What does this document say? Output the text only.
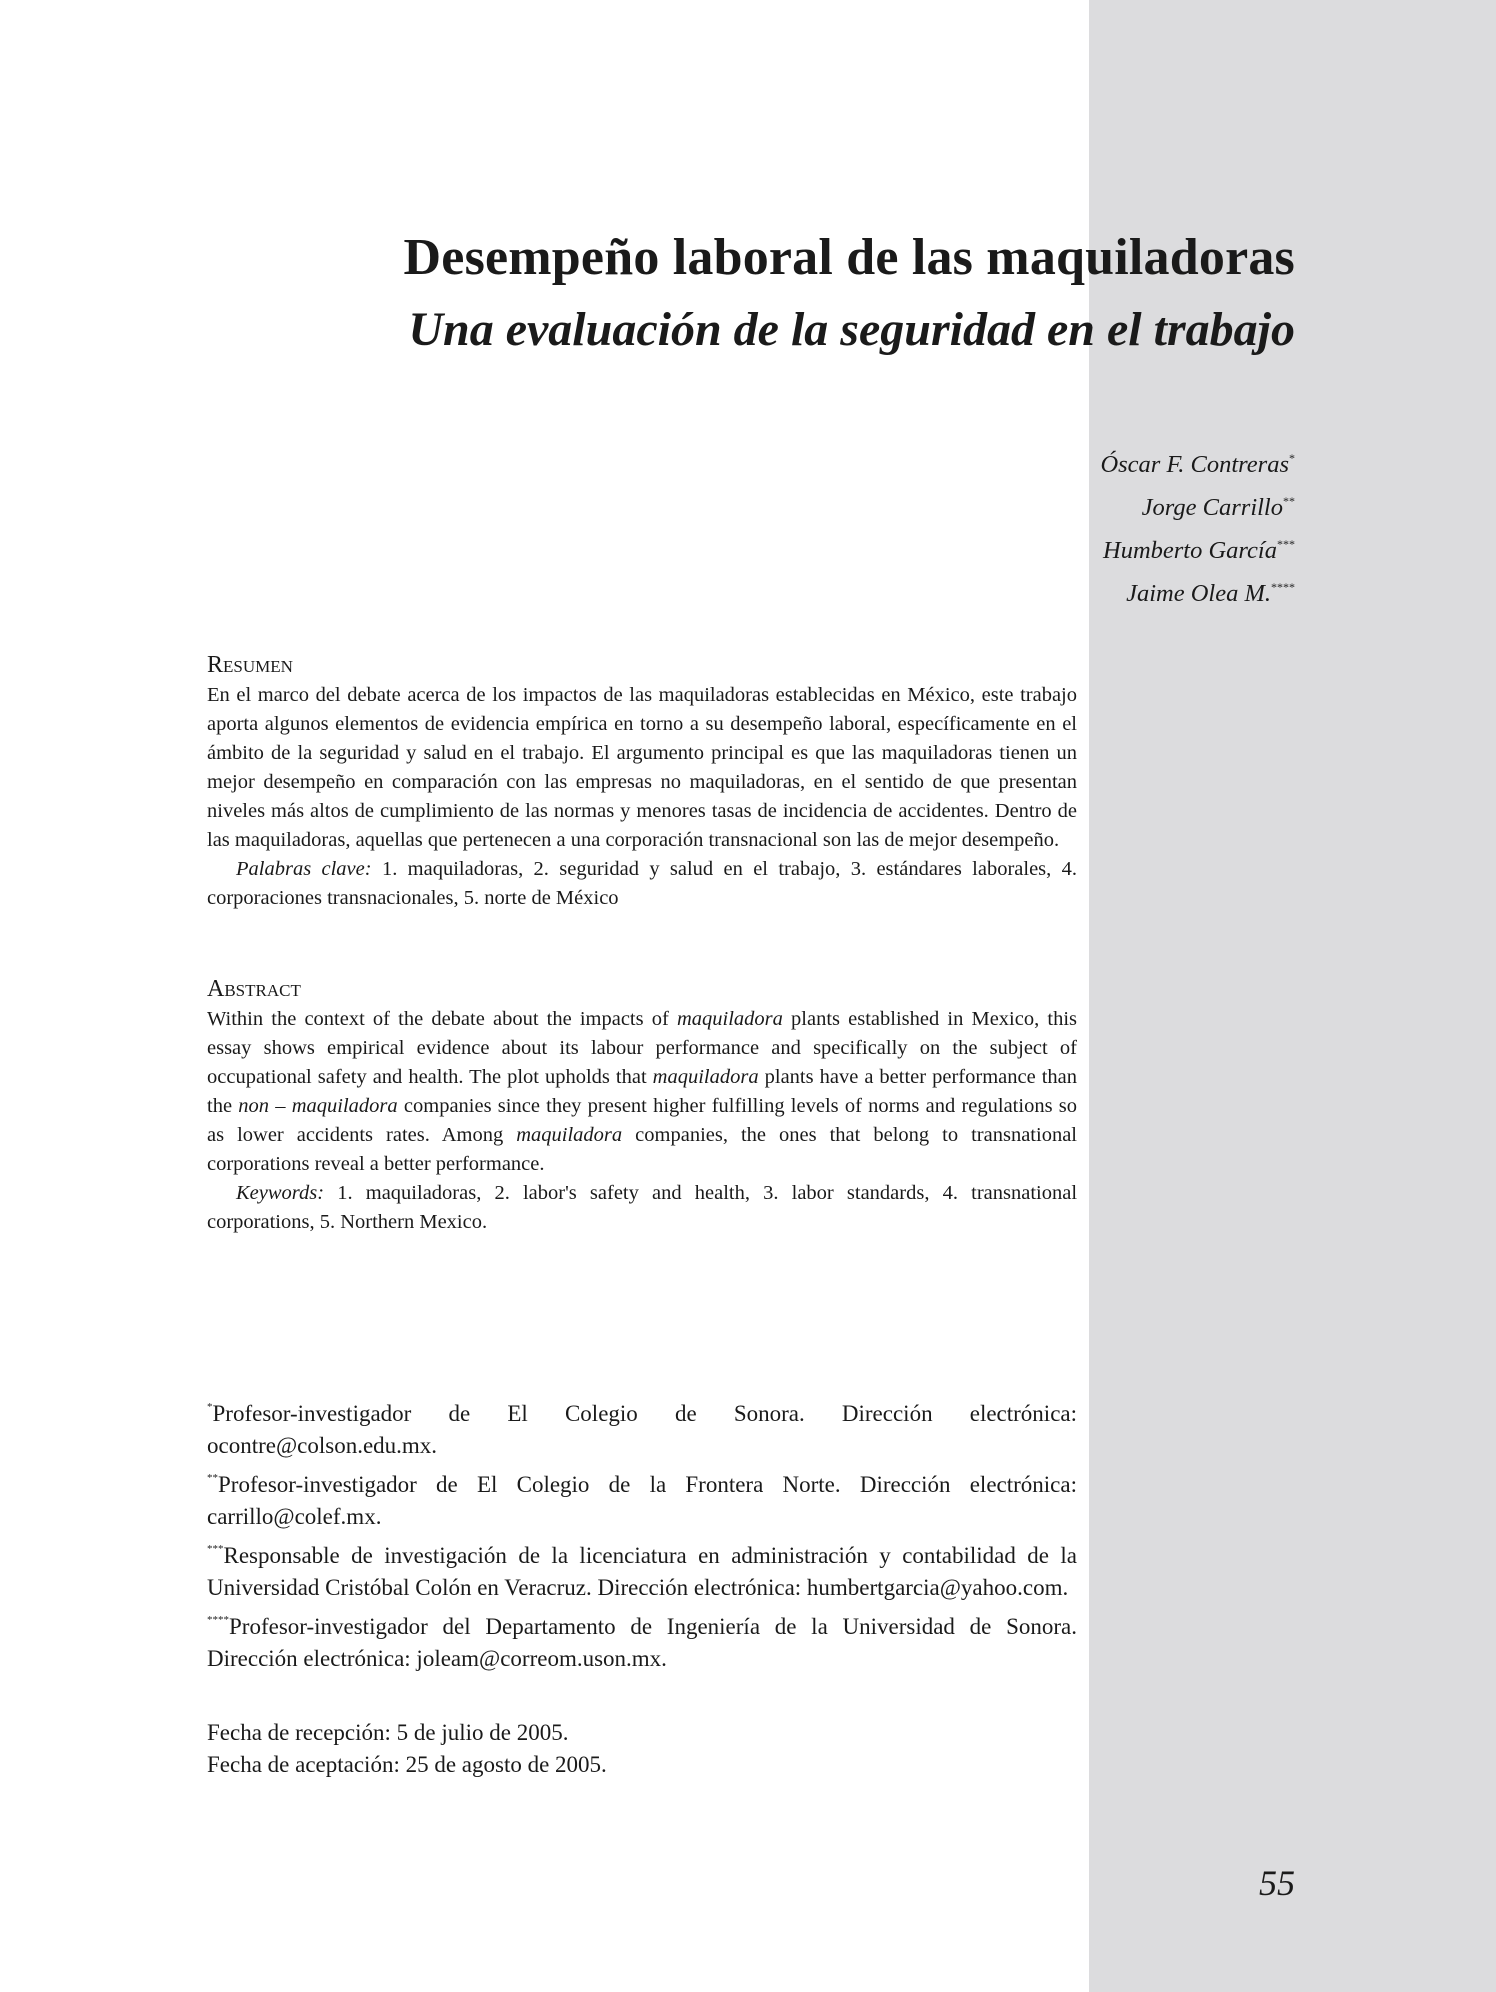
Desempeño laboral de las maquiladoras
Una evaluación de la seguridad en el trabajo
Óscar F. Contreras*
Jorge Carrillo**
Humberto García***
Jaime Olea M.****
Resumen

En el marco del debate acerca de los impactos de las maquiladoras establecidas en México, este trabajo aporta algunos elementos de evidencia empírica en torno a su desempeño laboral, específicamente en el ámbito de la seguridad y salud en el trabajo. El argumento principal es que las maquiladoras tienen un mejor desempeño en comparación con las empresas no maquiladoras, en el sentido de que presentan niveles más altos de cumplimiento de las normas y menores tasas de incidencia de accidentes. Dentro de las maquiladoras, aquellas que pertenecen a una corporación transnacional son las de mejor desempeño.

Palabras clave: 1. maquiladoras, 2. seguridad y salud en el trabajo, 3. estándares laborales, 4. corporaciones transnacionales, 5. norte de México

Abstract

Within the context of the debate about the impacts of maquiladora plants established in Mexico, this essay shows empirical evidence about its labour performance and specifically on the subject of occupational safety and health. The plot upholds that maquiladora plants have a better performance than the non – maquiladora companies since they present higher fulfilling levels of norms and regulations so as lower accidents rates. Among maquiladora companies, the ones that belong to transnational corporations reveal a better performance.

Keywords: 1. maquiladoras, 2. labor's safety and health, 3. labor standards, 4. transnational corporations, 5. Northern Mexico.

*Profesor-investigador de El Colegio de Sonora. Dirección electrónica: ocontre@colson.edu.mx.

**Profesor-investigador de El Colegio de la Frontera Norte. Dirección electrónica: carrillo@colef.mx.

***Responsable de investigación de la licenciatura en administración y contabilidad de la Universidad Cristóbal Colón en Veracruz. Dirección electrónica: humbertgarcia@yahoo.com.

****Profesor-investigador del Departamento de Ingeniería de la Universidad de Sonora. Dirección electrónica: joleam@correom.uson.mx.

Fecha de recepción: 5 de julio de 2005.

Fecha de aceptación: 25 de agosto de 2005.

55
